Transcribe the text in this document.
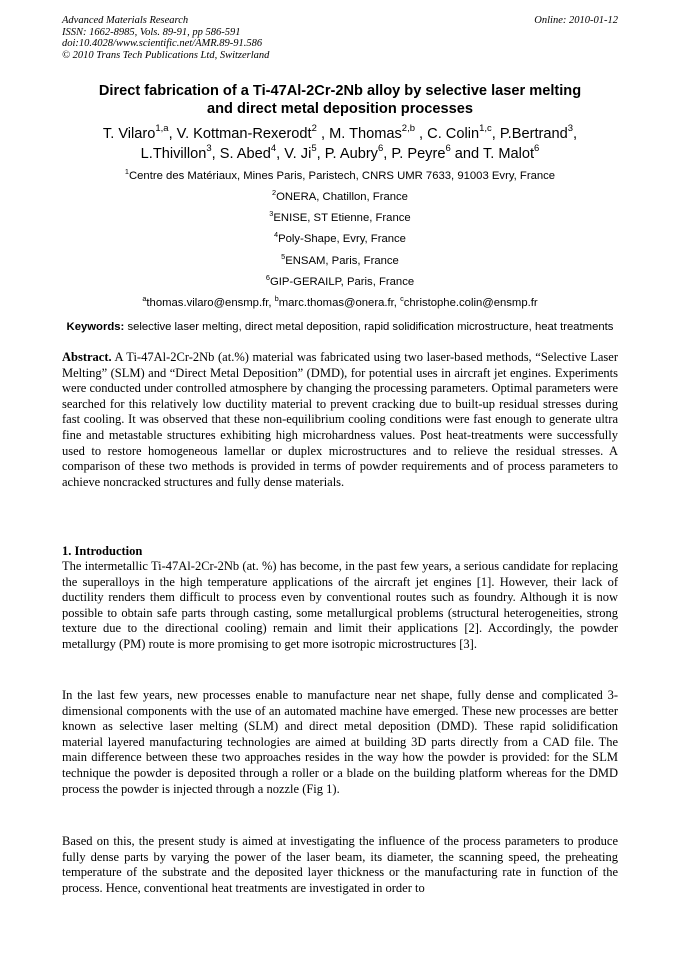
Advanced Materials Research
ISSN: 1662-8985, Vols. 89-91, pp 586-591
doi:10.4028/www.scientific.net/AMR.89-91.586
© 2010 Trans Tech Publications Ltd, Switzerland
Online: 2010-01-12
Direct fabrication of a Ti-47Al-2Cr-2Nb alloy by selective laser melting
and direct metal deposition processes
T. Vilaro$^{1,a}$, V. Kottman-Rexerodt$^2$ , M. Thomas$^{2,b}$ , C. Colin$^{1,c}$, P.Bertrand$^3$,
L.Thivillon$^3$, S. Abed$^4$, V. Ji$^5$, P. Aubry$^6$, P. Peyre$^6$ and T. Malot$^6$
$^1$Centre des Matériaux, Mines Paris, Paristech, CNRS UMR 7633, 91003 Evry, France
$^2$ONERA, Chatillon, France
$^3$ENISE, ST Etienne, France
$^4$Poly-Shape, Evry, France
$^5$ENSAM, Paris, France
$^6$GIP-GERAILP, Paris, France
$^a$thomas.vilaro@ensmp.fr, $^b$marc.thomas@onera.fr, $^c$christophe.colin@ensmp.fr
Keywords: selective laser melting, direct metal deposition, rapid solidification microstructure, heat treatments
Abstract. A Ti-47Al-2Cr-2Nb (at.%) material was fabricated using two laser-based methods, “Selective Laser Melting” (SLM) and “Direct Metal Deposition” (DMD), for potential uses in aircraft jet engines. Experiments were conducted under controlled atmosphere by changing the processing parameters. Optimal parameters were searched for this relatively low ductility material to prevent cracking due to built-up residual stresses during fast cooling. It was observed that these non-equilibrium cooling conditions were fast enough to generate ultra fine and metastable structures exhibiting high microhardness values. Post heat-treatments were successfully used to restore homogeneous lamellar or duplex microstructures and to relieve the residual stresses. A comparison of these two methods is provided in terms of powder requirements and of process parameters to achieve noncracked structures and fully dense materials.
1. Introduction
The intermetallic Ti-47Al-2Cr-2Nb (at. %) has become, in the past few years, a serious candidate for replacing the superalloys in the high temperature applications of the aircraft jet engines [1]. However, their lack of ductility renders them difficult to process even by conventional routes such as foundry. Although it is now possible to obtain safe parts through casting, some metallurgical problems (structural heterogeneities, strong texture due to the directional cooling) remain and limit their applications [2]. Accordingly, the powder metallurgy (PM) route is more promising to get more isotropic microstructures [3].
In the last few years, new processes enable to manufacture near net shape, fully dense and complicated 3-dimensional components with the use of an automated machine have emerged. These new processes are better known as selective laser melting (SLM) and direct metal deposition (DMD). These rapid solidification material layered manufacturing technologies are aimed at building 3D parts directly from a CAD file. The main difference between these two approaches resides in the way how the powder is provided: for the SLM technique the powder is deposited through a roller or a blade on the building platform whereas for the DMD process the powder is injected through a nozzle (Fig 1).
Based on this, the present study is aimed at investigating the influence of the process parameters to produce fully dense parts by varying the power of the laser beam, its diameter, the scanning speed, the preheating temperature of the substrate and the deposited layer thickness or the manufacturing rate in function of the process. Hence, conventional heat treatments are investigated in order to
